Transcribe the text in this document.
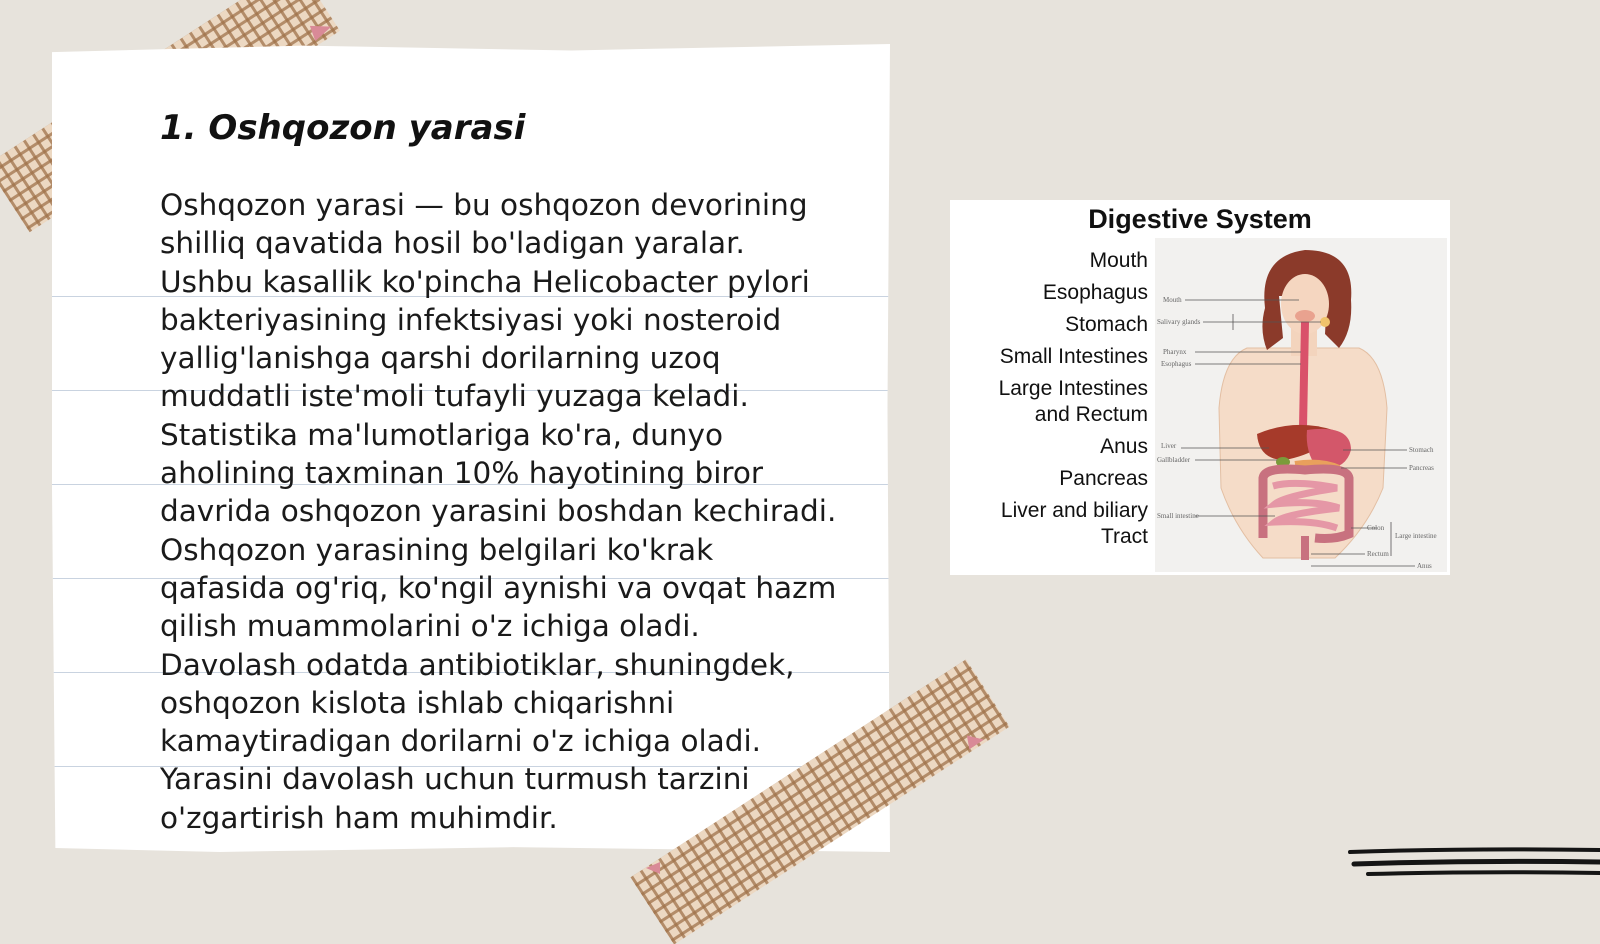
1. Oshqozon yarasi

Oshqozon yarasi — bu oshqozon devorining shilliq qavatida hosil bo'ladigan yaralar. Ushbu kasallik ko'pincha Helicobacter pylori bakteriyasining infektsiyasi yoki nosteroid yallig'lanishga qarshi dorilarning uzoq muddatli iste'moli tufayli yuzaga keladi. Statistika ma'lumotlariga ko'ra, dunyo aholining taxminan 10% hayotining biror davrida oshqozon yarasini boshdan kechiradi. Oshqozon yarasining belgilari ko'krak qafasida og'riq, ko'ngil aynishi va ovqat hazm qilish muammolarini o'z ichiga oladi. Davolash odatda antibiotiklar, shuningdek, oshqozon kislota ishlab chiqarishni kamaytiradigan dorilarni o'z ichiga oladi. Yarasini davolash uchun turmush tarzini o'zgartirish ham muhimdir.

Digestive System
Mouth
Esophagus
Stomach
Small Intestines
Large Intestines
and Rectum
Anus
Pancreas
Liver and biliary
Tract
Mouth
Salivary glands
Pharynx
Esophagus
Liver
Gallbladder
Stomach
Pancreas
Small intestine
Colon
Large intestine
Rectum
Anus
